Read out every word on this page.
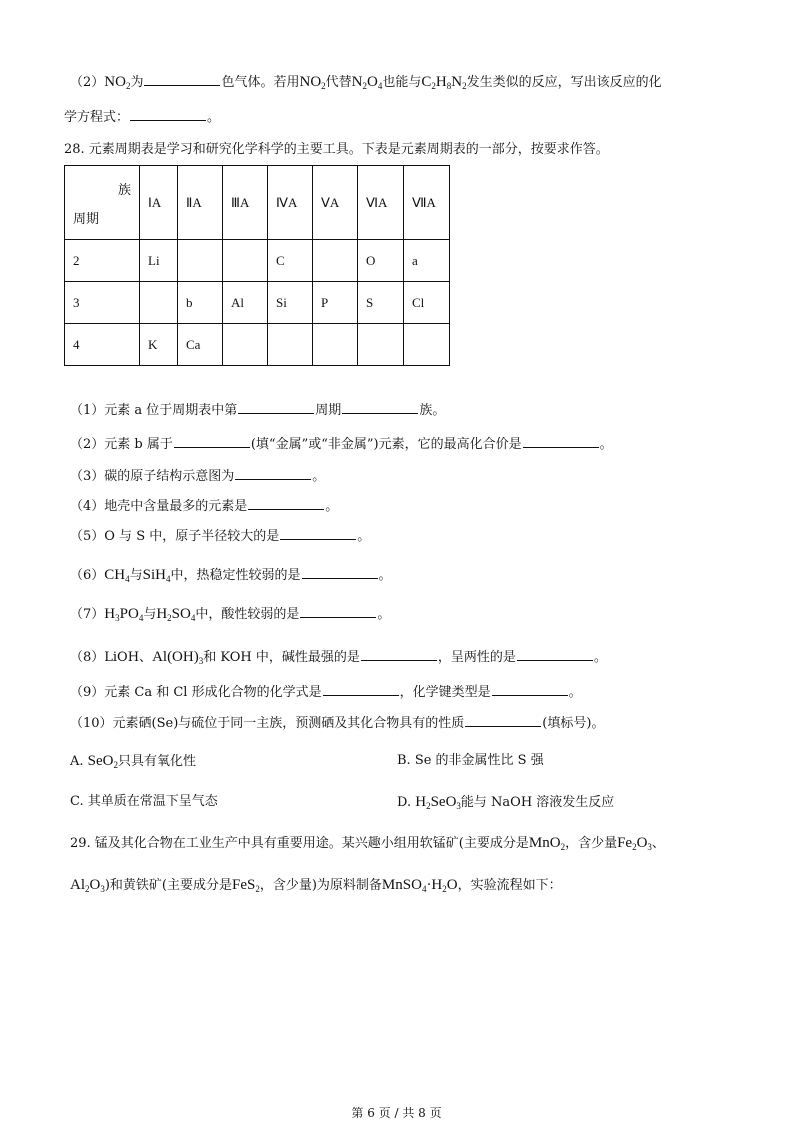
$(2)NO_2$为	色气体。若用$NO_2$代替$N_2O_4$也能与$C_2H_8N_2$发生类似的反应，写出该反应的化
学方程式：	。
28. 元素周期表是学习和研究化学科学的主要工具。下表是元素周期表的一部分，按要求作答。
（1）元素 a 位于周期表中第	周期	族。
（2）元素 b 属于	(填“金属”或“非金属”)元素，它的最高化合价是	。
（3）碳的原子结构示意图为	。
（4）地壳中含量最多的元素是	。
（5）O 与 S 中，原子半径较大的是	。
$(6)CH_4$与SiH$_4$中，热稳定性较弱的是	。
$(7)H_3PO_4$与$H_2SO_4$中，酸性较弱的是	。
（8）LiOH、$Al(OH)_3$和 KOH 中，碱性最强的是	，呈两性的是	。
（9）元素 Ca 和 Cl 形成化合物的化学式是	，化学键类型是	。
（10）元素硒(Se)与硫位于同一主族，预测硒及其化合物具有的性质	(填标号)。
A. SeO$_2$只具有氧化性	B. Se 的非金属性比 S 强
C. 其单质在常温下呈气态	D. $H_2SeO_3$能与 NaOH 溶液发生反应
29. 锰及其化合物在工业生产中具有重要用途。某兴趣小组用软锰矿(主要成分是MnO$_2$，含少量$Fe_2O_3$、
$Al_2O_3$)和黄铁矿(主要成分是FeS$_2$，含少量)为原料制备$MnSO_4\cdot H_2O$，实验流程如下：
族
周期	ⅠA	ⅡA	ⅢA	ⅣA	ⅤA	ⅥA	ⅦA
2	Li			C		O	a
3		b	Al	Si	P	S	Cl
4	K	Ca					
第 6 页 / 共 8 页
